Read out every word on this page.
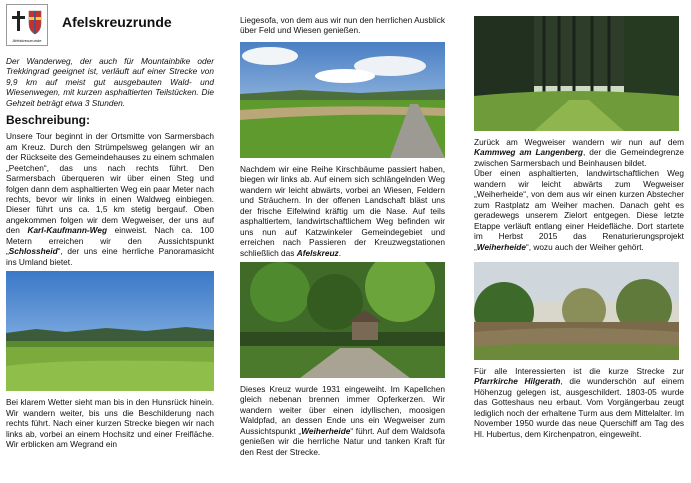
Afelskreuzrunde
Afelskreuzrunde

Der Wanderweg, der auch für Mountainbike oder Trekkingrad geeignet ist, verläuft auf einer Strecke von 9,9 km auf meist gut ausgebauten Wald- und Wiesenwegen, mit kurzen asphaltierten Teilstücken. Die Gehzeit beträgt etwa 3 Stunden.

Beschreibung:

Unsere Tour beginnt in der Ortsmitte von Sarmersbach am Kreuz. Durch den Strümpelsweg gelangen wir an der Rückseite des Gemeindehauses zu einem schmalen „Peetchen“, das uns nach rechts führt. Den Sarmersbach überqueren wir über einen Steg und folgen dann dem asphaltierten Weg ein paar Meter nach rechts, bevor wir links in einen Waldweg einbiegen. Dieser führt uns ca. 1,5 km stetig bergauf. Oben angekommen folgen wir dem Wegweiser, der uns auf den Karl-Kaufmann-Weg einweist. Nach ca. 100 Metern erreichen wir den Aussichtspunkt „Schlossheid“, der uns eine herrliche Panoramasicht ins Umland bietet.

Bei klarem Wetter sieht man bis in den Hunsrück hinein. Wir wandern weiter, bis uns die Beschilderung nach rechts führt. Nach einer kurzen Strecke biegen wir nach links ab, vorbei an einem Hochsitz und einer Freifläche. Wir erblicken am Wegrand ein

Liegesofa, von dem aus wir nun den herrlichen Ausblick über Feld und Wiesen genießen.

Nachdem wir eine Reihe Kirschbäume passiert haben, biegen wir links ab. Auf einem sich schlängelnden Weg wandern wir leicht abwärts, vorbei an Wiesen, Feldern und Sträuchern. In der offenen Landschaft bläst uns der frische Eifelwind kräftig um die Nase. Auf teils asphaltiertem, landwirtschaftlichem Weg befinden wir uns nun auf Katzwinkeler Gemeindegebiet und erreichen nach Passieren der Kreuzwegstationen schließlich das Afelskreuz.

Dieses Kreuz wurde 1931 eingeweiht. Im Kapellchen gleich nebenan brennen immer Opferkerzen. Wir wandern weiter über einen idyllischen, moosigen Waldpfad, an dessen Ende uns ein Wegweiser zum Aussichtspunkt „Weiherheide“ führt. Auf dem Waldsofa genießen wir die herrliche Natur und tanken Kraft für den Rest der Strecke.

Zurück am Wegweiser wandern wir nun auf dem Kammweg am Langenberg, der die Gemeindegrenze zwischen Sarmersbach und Beinhausen bildet.
Über einen asphaltierten, landwirtschaftlichen Weg wandern wir leicht abwärts zum Wegweiser „Weiherheide“, von dem aus wir einen kurzen Abstecher zum Rastplatz am Weiher machen. Danach geht es geradewegs unserem Zielort entgegen. Diese letzte Etappe verläuft entlang einer Heidefläche. Dort startete im Herbst 2015 das Renaturierungsprojekt „Weiherheide“, wozu auch der Weiher gehört.

Für alle Interessierten ist die kurze Strecke zur Pfarrkirche Hilgerath, die wunderschön auf einem Höhenzug gelegen ist, ausgeschildert. 1803-05 wurde das Gotteshaus neu erbaut. Vom Vorgängerbau zeugt lediglich noch der erhaltene Turm aus dem Mittelalter. Im November 1950 wurde das neue Querschiff am Tag des Hl. Hubertus, dem Kirchenpatron, eingeweiht.
